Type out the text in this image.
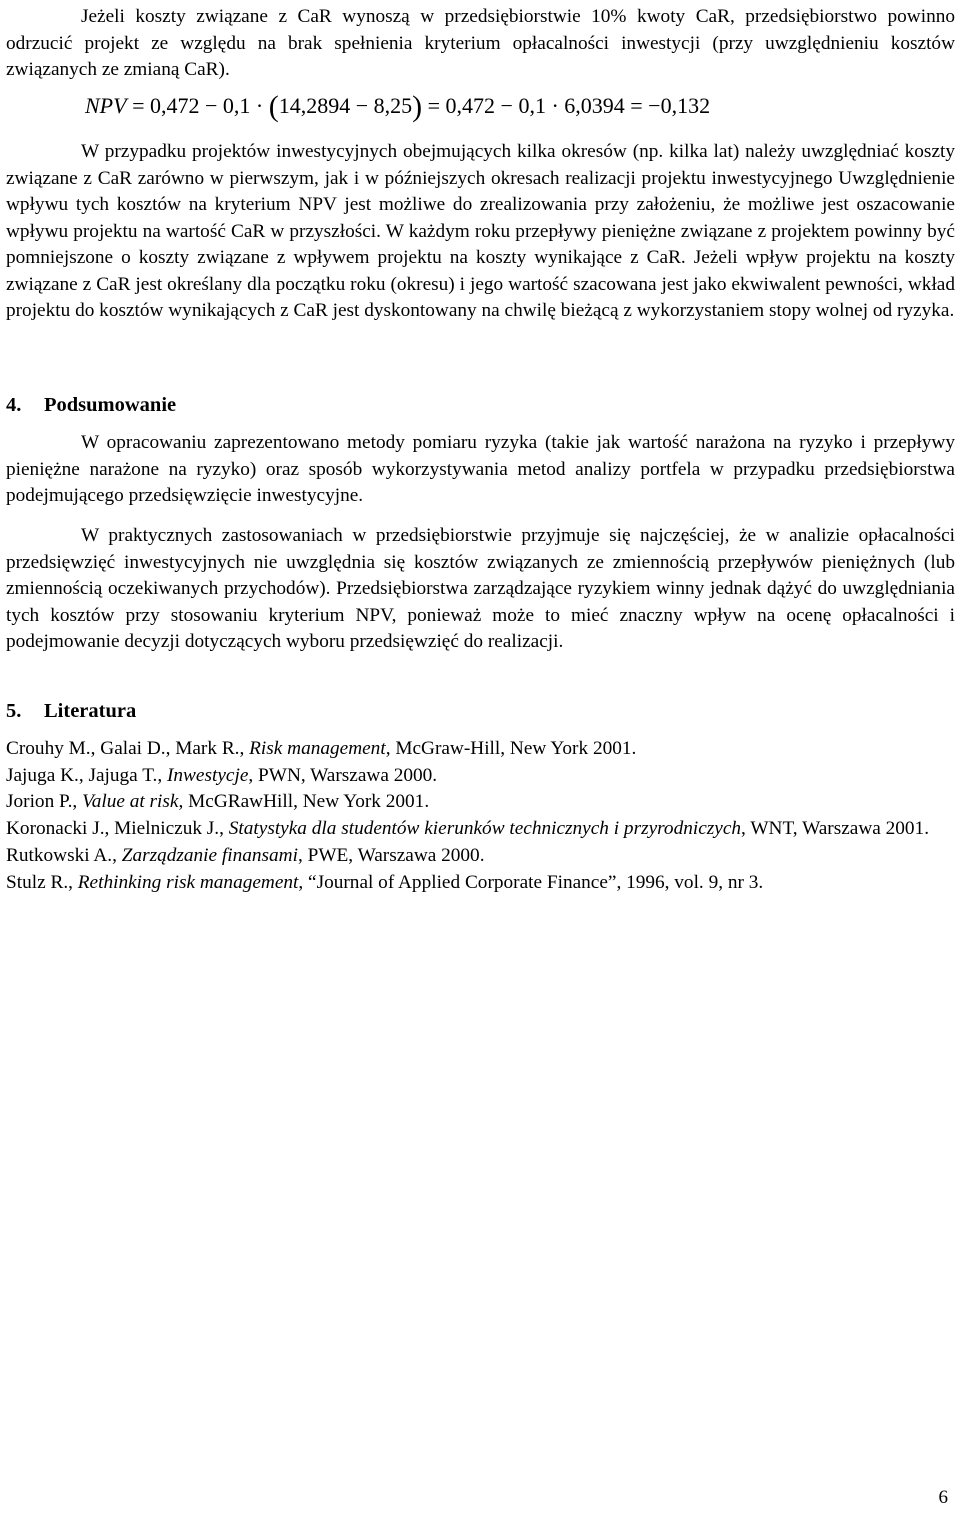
Jeżeli koszty związane z CaR wynoszą w przedsiębiorstwie 10% kwoty CaR, przedsiębiorstwo powinno odrzucić projekt ze względu na brak spełnienia kryterium opłacalności inwestycji (przy uwzględnieniu kosztów związanych ze zmianą CaR).

NPV = 0,472 − 0,1 · (14,2894 − 8,25) = 0,472 − 0,1 · 6,0394 = −0,132

W przypadku projektów inwestycyjnych obejmujących kilka okresów (np. kilka lat) należy uwzględniać koszty związane z CaR zarówno w pierwszym, jak i w późniejszych okresach realizacji projektu inwestycyjnego Uwzględnienie wpływu tych kosztów na kryterium NPV jest możliwe do zrealizowania przy założeniu, że możliwe jest oszacowanie wpływu projektu na wartość CaR w przyszłości. W każdym roku przepływy pieniężne związane z projektem powinny być pomniejszone o koszty związane z wpływem projektu na koszty wynikające z CaR. Jeżeli wpływ projektu na koszty związane z CaR jest określany dla początku roku (okresu) i jego wartość szacowana jest jako ekwiwalent pewności, wkład projektu do kosztów wynikających z CaR jest dyskontowany na chwilę bieżącą z wykorzystaniem stopy wolnej od ryzyka.

4. Podsumowanie

W opracowaniu zaprezentowano metody pomiaru ryzyka (takie jak wartość narażona na ryzyko i przepływy pieniężne narażone na ryzyko) oraz sposób wykorzystywania metod analizy portfela w przypadku przedsiębiorstwa podejmującego przedsięwzięcie inwestycyjne.

W praktycznych zastosowaniach w przedsiębiorstwie przyjmuje się najczęściej, że w analizie opłacalności przedsięwzięć inwestycyjnych nie uwzględnia się kosztów związanych ze zmiennością przepływów pieniężnych (lub zmiennością oczekiwanych przychodów). Przedsiębiorstwa zarządzające ryzykiem winny jednak dążyć do uwzględniania tych kosztów przy stosowaniu kryterium NPV, ponieważ może to mieć znaczny wpływ na ocenę opłacalności i podejmowanie decyzji dotyczących wyboru przedsięwzięć do realizacji.

5. Literatura

Crouhy M., Galai D., Mark R., Risk management, McGraw-Hill, New York 2001.

Jajuga K., Jajuga T., Inwestycje, PWN, Warszawa 2000.

Jorion P., Value at risk, McGRawHill, New York 2001.

Koronacki J., Mielniczuk J., Statystyka dla studentów kierunków technicznych i przyrodniczych, WNT, Warszawa 2001.

Rutkowski A., Zarządzanie finansami, PWE, Warszawa 2000.

Stulz R., Rethinking risk management, “Journal of Applied Corporate Finance”, 1996, vol. 9, nr 3.

6
